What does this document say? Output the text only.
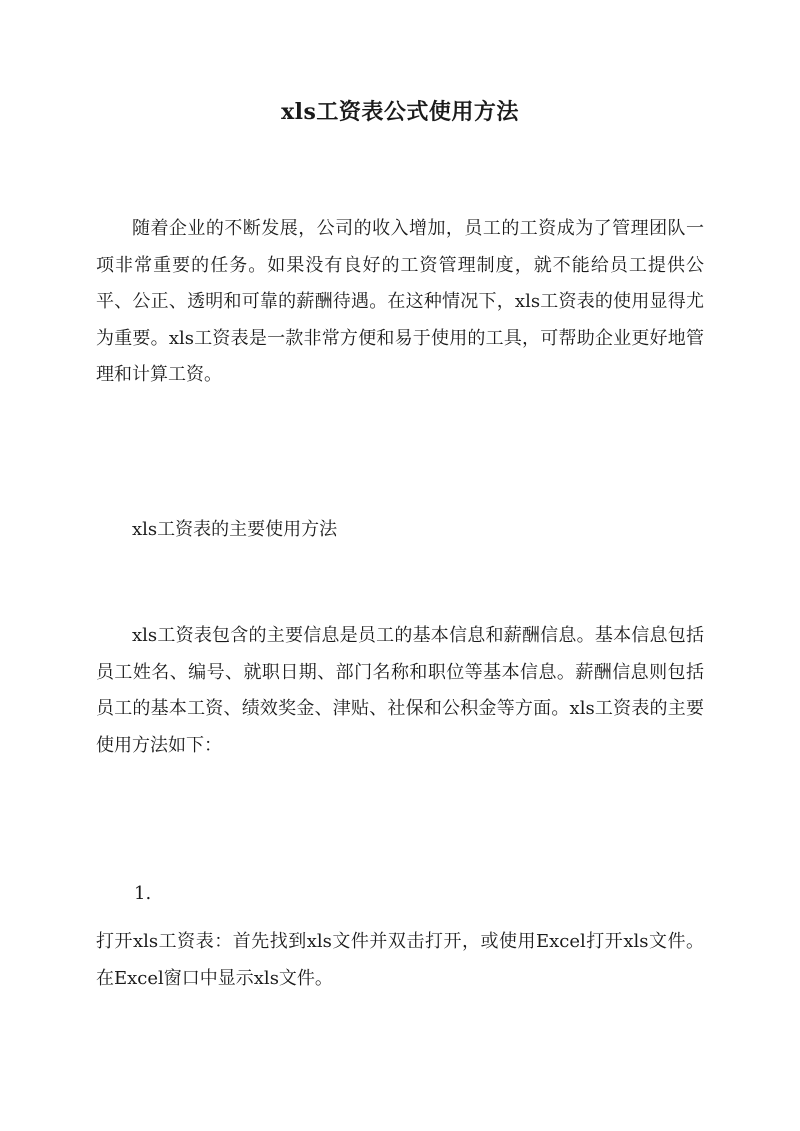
xls工资表公式使用方法

随着企业的不断发展，公司的收入增加，员工的工资成为了管理团队一项非常重要的任务。如果没有良好的工资管理制度，就不能给员工提供公平、公正、透明和可靠的薪酬待遇。在这种情况下，xls工资表的使用显得尤为重要。xls工资表是一款非常方便和易于使用的工具，可帮助企业更好地管理和计算工资。

xls工资表的主要使用方法

xls工资表包含的主要信息是员工的基本信息和薪酬信息。基本信息包括员工姓名、编号、就职日期、部门名称和职位等基本信息。薪酬信息则包括员工的基本工资、绩效奖金、津贴、社保和公积金等方面。xls工资表的主要使用方法如下：

1.

打开xls工资表：首先找到xls文件并双击打开，或使用Excel打开xls文件。在Excel窗口中显示xls文件。
